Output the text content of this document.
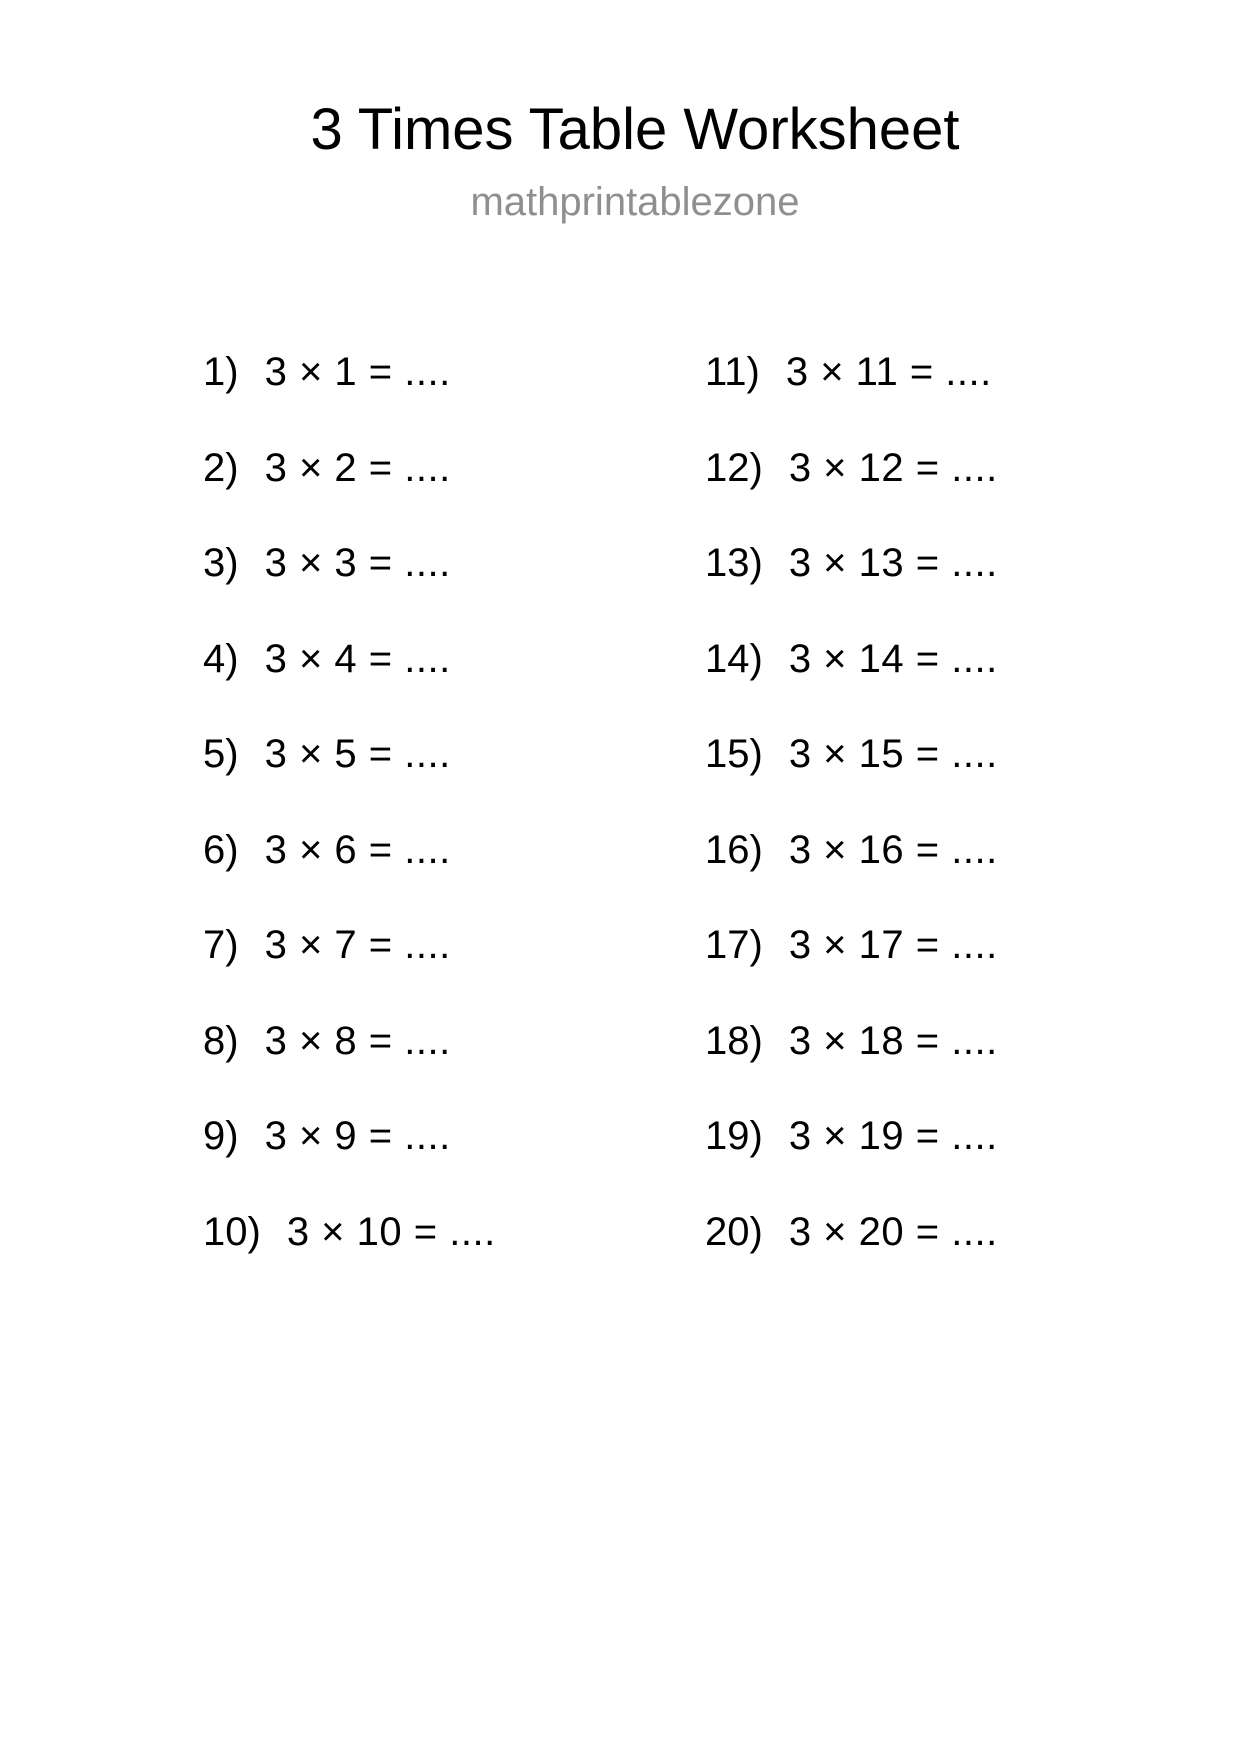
3 Times Table Worksheet
mathprintablezone
1) 3 × 1 = ....
2) 3 × 2 = ....
3) 3 × 3 = ....
4) 3 × 4 = ....
5) 3 × 5 = ....
6) 3 × 6 = ....
7) 3 × 7 = ....
8) 3 × 8 = ....
9) 3 × 9 = ....
10) 3 × 10 = ....
11) 3 × 11 = ....
12) 3 × 12 = ....
13) 3 × 13 = ....
14) 3 × 14 = ....
15) 3 × 15 = ....
16) 3 × 16 = ....
17) 3 × 17 = ....
18) 3 × 18 = ....
19) 3 × 19 = ....
20) 3 × 20 = ....
